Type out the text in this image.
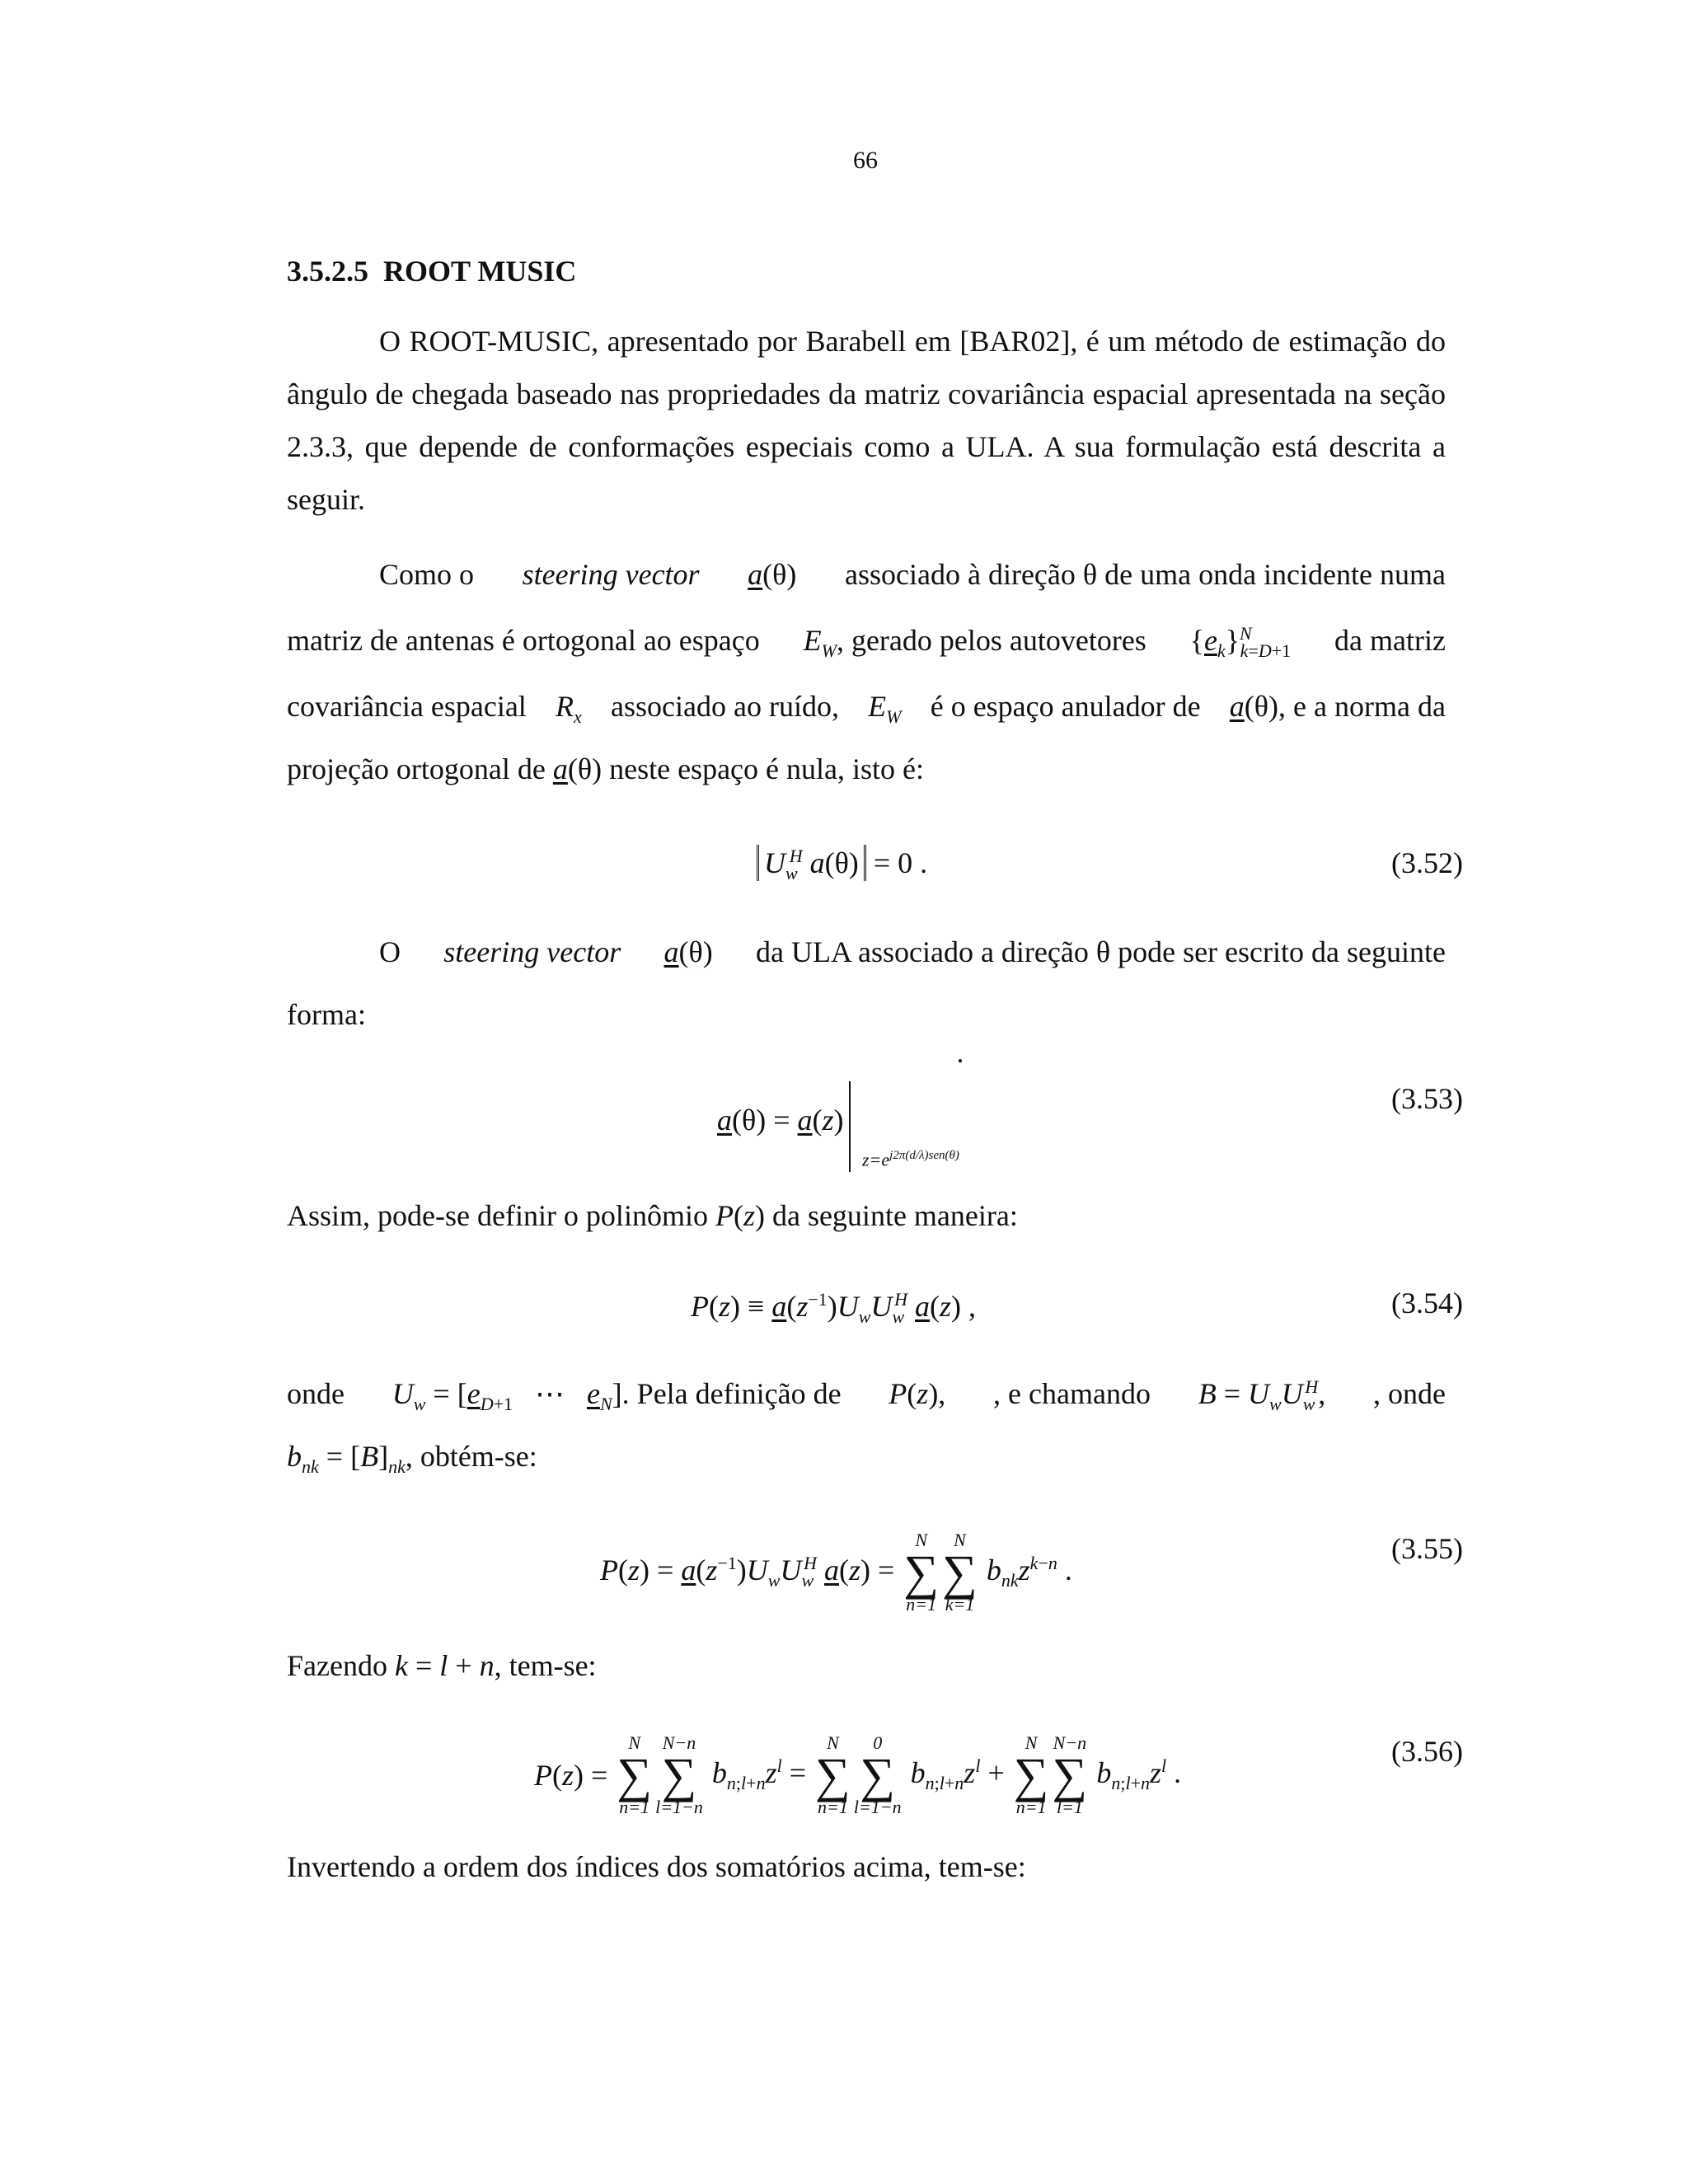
66
3.5.2.5 ROOT MUSIC
O ROOT-MUSIC, apresentado por Barabell em [BAR02], é um método de estimação do ângulo de chegada baseado nas propriedades da matriz covariância espacial apresentada na seção 2.3.3, que depende de conformações especiais como a ULA. A sua formulação está descrita a seguir.
Como o steering vector a(θ) associado à direção θ de uma onda incidente numa
matriz de antenas é ortogonal ao espaço $E_W$, gerado pelos autovetores $\{e_k\}^N_{k=D+1}$ da matriz
covariância espacial $R_x$ associado ao ruído, $E_W$ é o espaço anulador de a(θ), e a norma da
projeção ortogonal de a(θ) neste espaço é nula, isto é:
$U_w^H$ a(θ) = 0 .	(3.52)
O steering vector a(θ) da ULA associado a direção θ pode ser escrito da seguinte
forma:
a(θ) = a(z)
$z=e^{j2\pi(d/\lambda)sen(\theta)}$
.
(3.53)
Assim, pode-se definir o polinômio P(z) da seguinte maneira:
$P(z) \equiv a(z^{-1})U_wU_w^H$ a(z) ,	(3.54)
onde $U_w = [e_{D+1}$   ⋯   $e_N$]. Pela definição de P(z), , e chamando $B = U_wU_w^H$, , onde
$b_{nk} = [B]_{nk}$, obtém-se:
$P(z) = a(z^{-1})U_wU_w^H$ a(z) =
N
∑
n=1
N
∑
k=1
$b_{nk}z^{k-n}$ .
(3.55)
Fazendo k = l + n, tem-se:
P(z) =
N
∑
n=1
N−n
∑
l=1−n
$b_{n;l+n}z^l$ =
N
∑
n=1
0
∑
l=1−n
$b_{n;l+n}z^l$ +
N
∑
n=1
N−n
∑
l=1
$b_{n;l+n}z^l$ .
(3.56)
Invertendo a ordem dos índices dos somatórios acima, tem-se:
